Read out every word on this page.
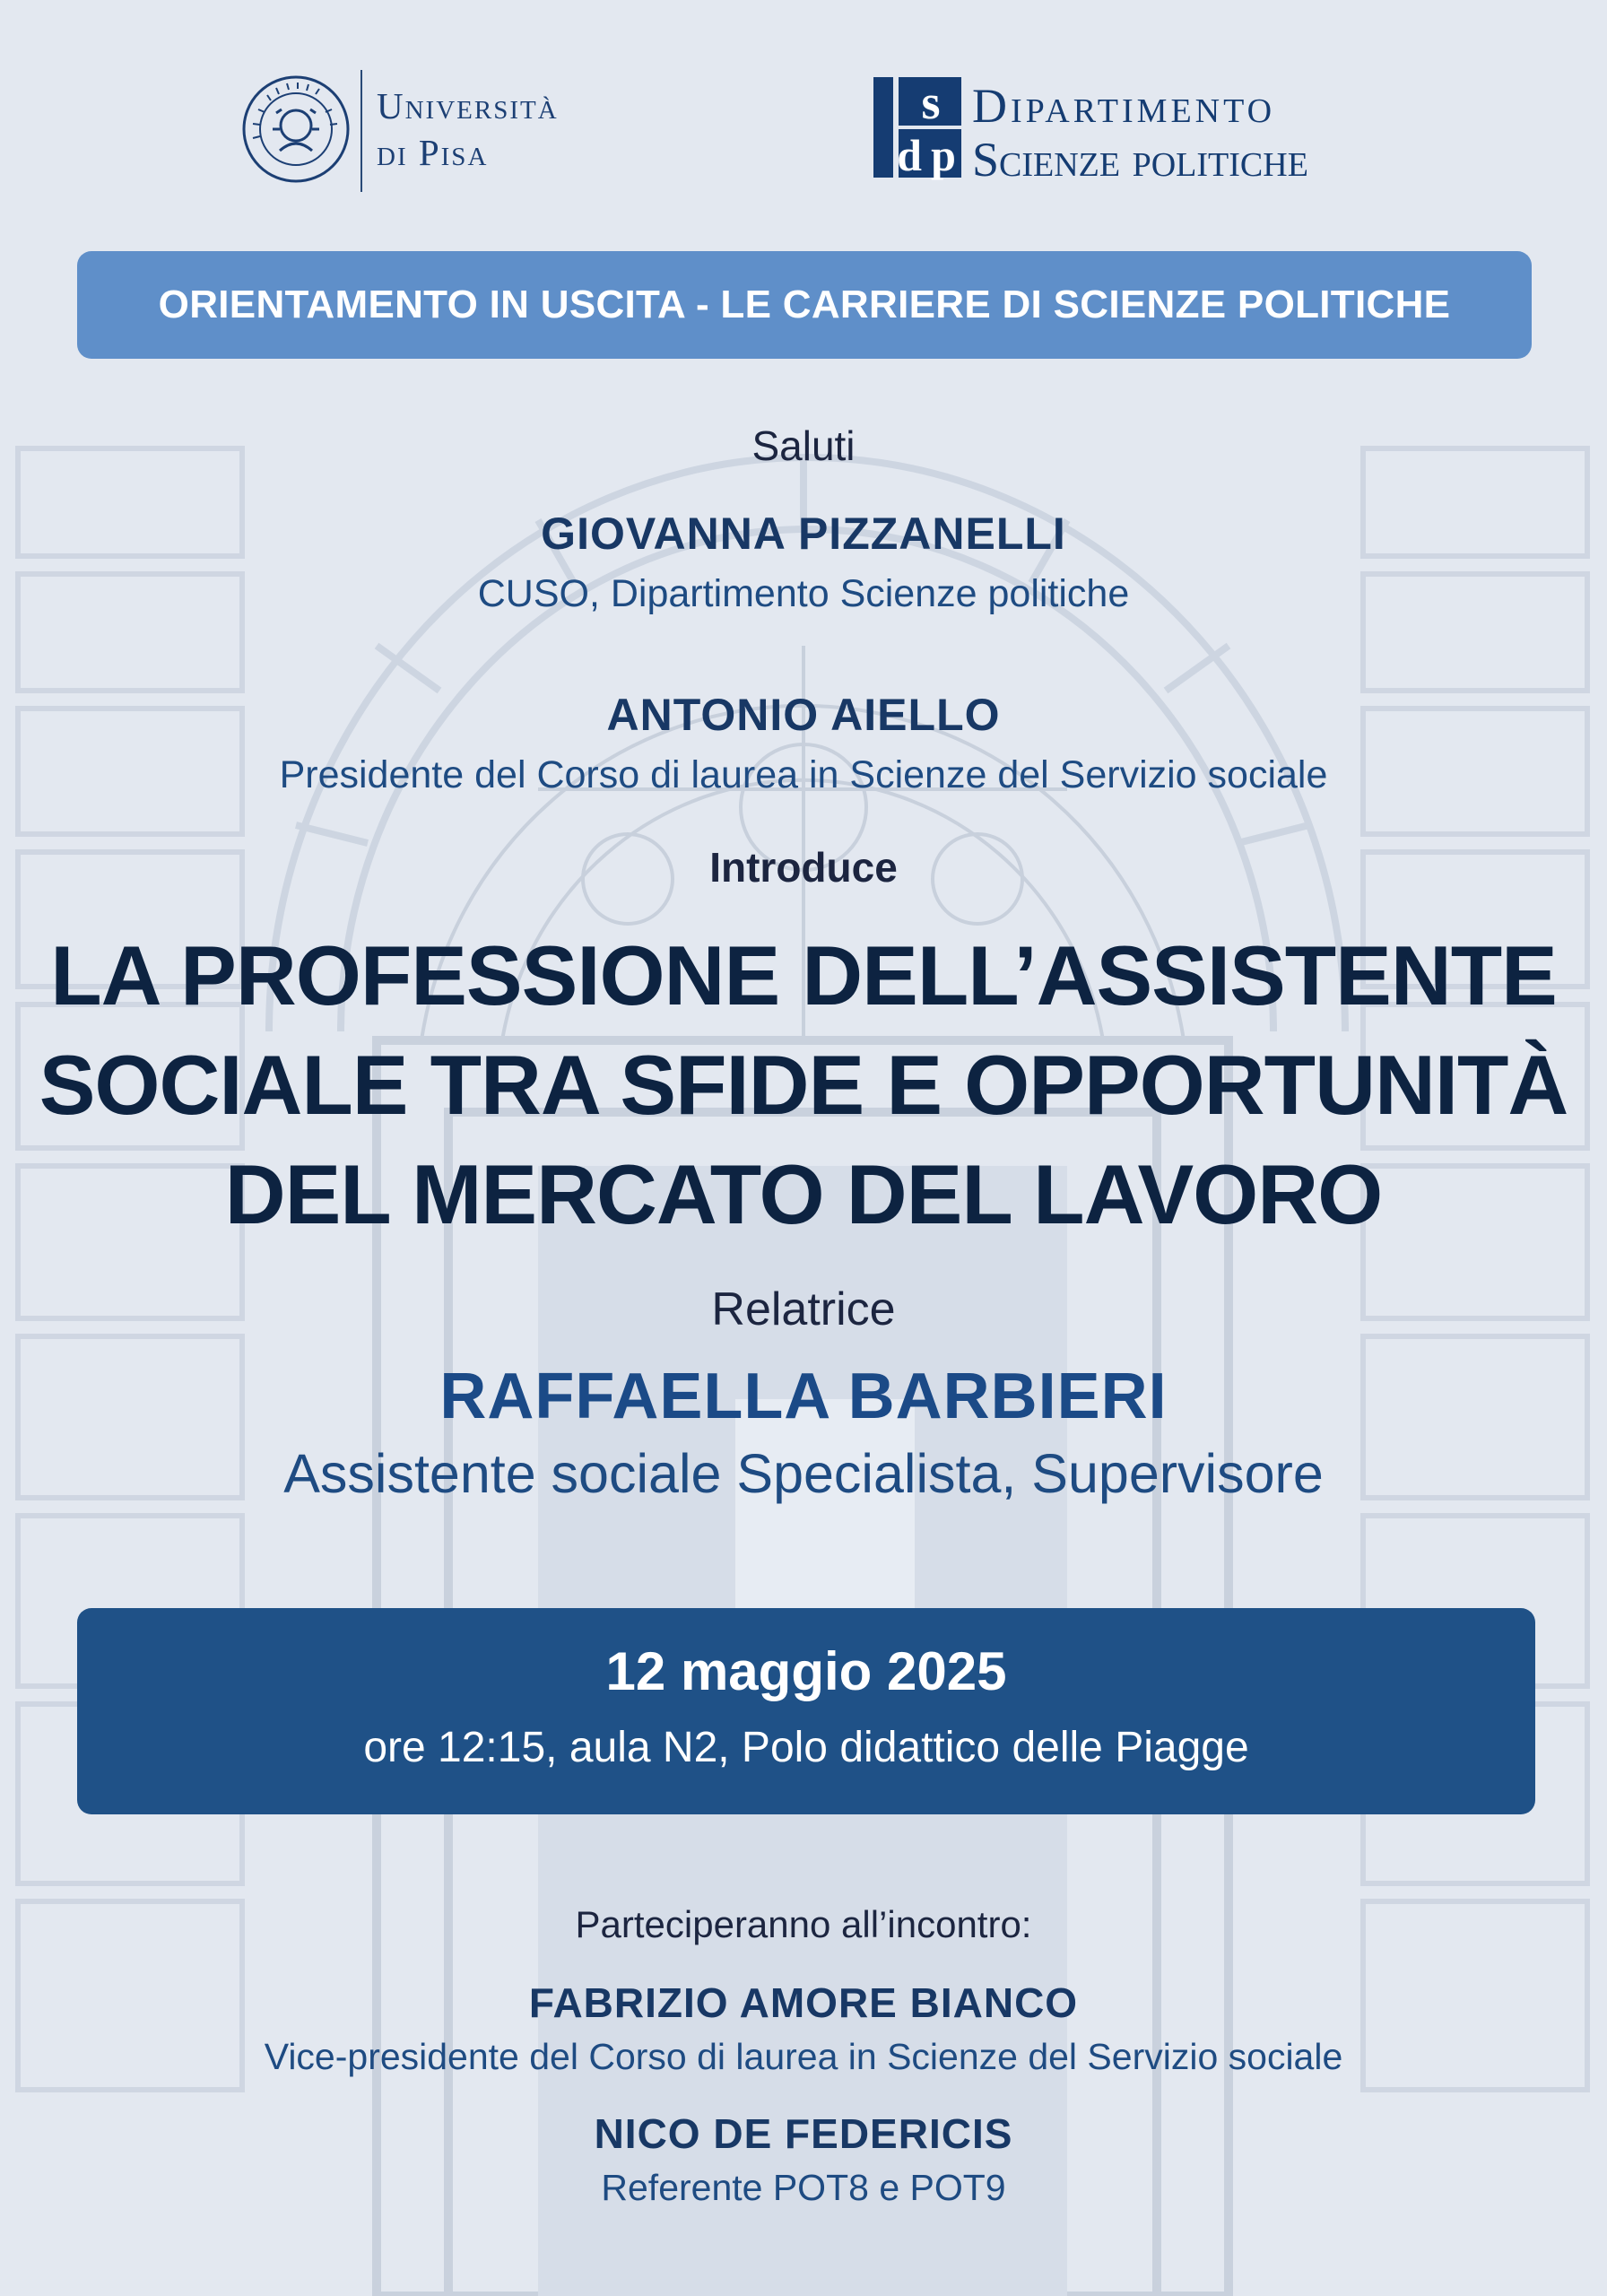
Università
di Pisa
s
d p
Dipartimento
Scienze politiche
ORIENTAMENTO IN USCITA - LE CARRIERE DI SCIENZE POLITICHE
Saluti
GIOVANNA PIZZANELLI
CUSO, Dipartimento Scienze politiche
ANTONIO AIELLO
Presidente del Corso di laurea in Scienze del Servizio sociale
Introduce
LA PROFESSIONE DELL’ASSISTENTE
SOCIALE TRA SFIDE E OPPORTUNITÀ
DEL MERCATO DEL LAVORO
Relatrice
RAFFAELLA BARBIERI
Assistente sociale Specialista, Supervisore
12 maggio 2025
ore 12:15, aula N2, Polo didattico delle Piagge
Parteciperanno all’incontro:
FABRIZIO AMORE BIANCO
Vice-presidente del Corso di laurea in Scienze del Servizio sociale
NICO DE FEDERICIS
Referente POT8 e POT9
